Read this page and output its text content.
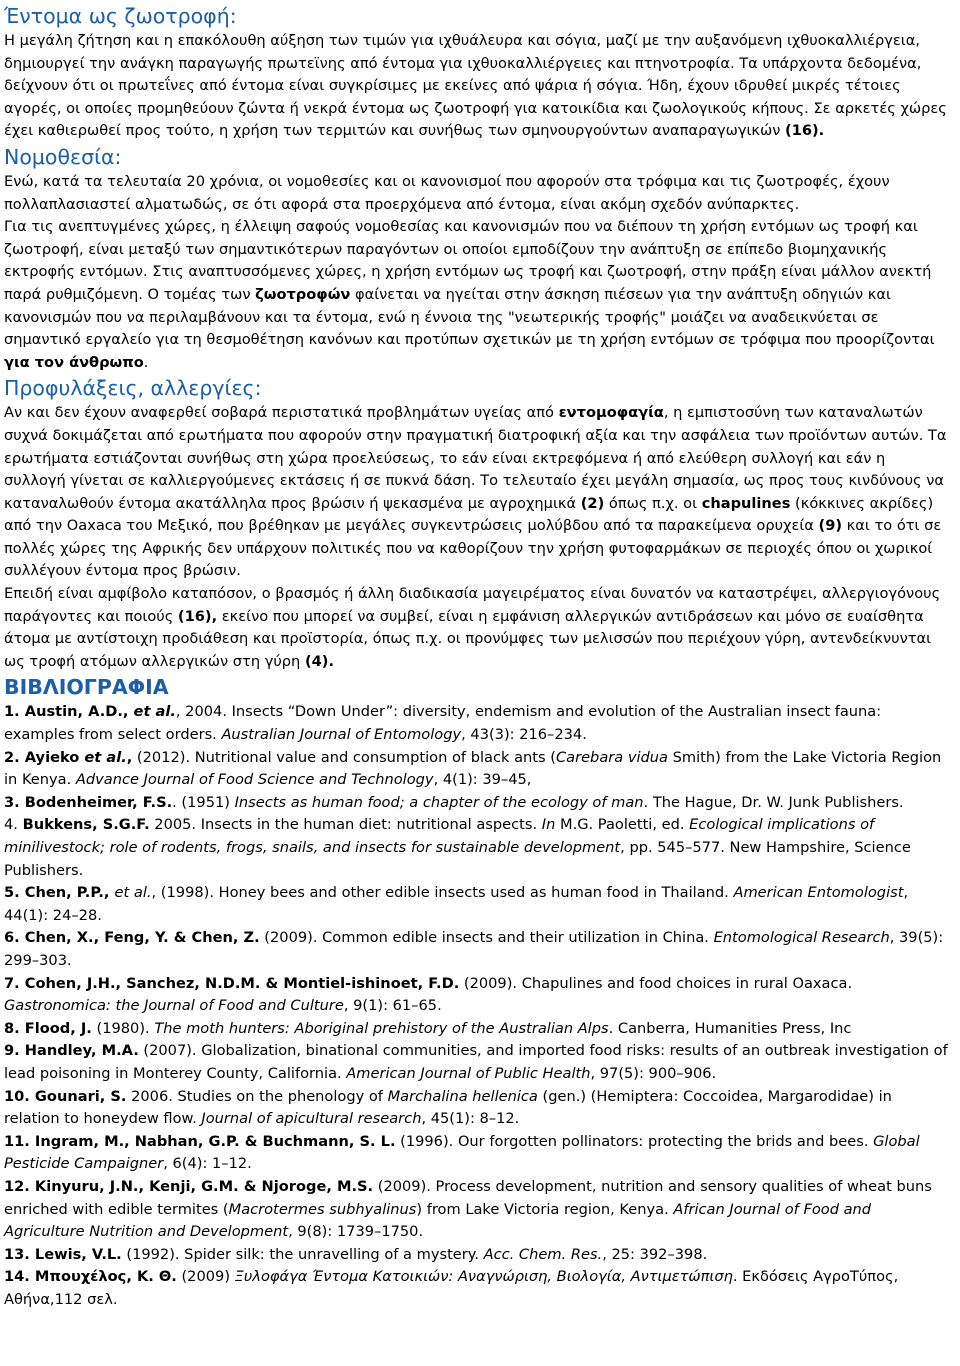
Έντομα ως ζωοτροφή:
Η μεγάλη ζήτηση και η επακόλουθη αύξηση των τιμών για ιχθυάλευρα και σόγια, μαζί με την αυξανόμενη ιχθυοκαλλιέργεια, δημιουργεί την ανάγκη παραγωγής πρωτεϊνης από έντομα για ιχθυοκαλλιέργειες και πτηνοτροφία. Τα υπάρχοντα δεδομένα, δείχνουν ότι οι πρωτεΐνες από έντομα είναι συγκρίσιμες με εκείνες από ψάρια ή σόγια. Ήδη, έχουν ιδρυθεί μικρές τέτοιες αγορές, οι οποίες προμηθεύουν ζώντα ή νεκρά έντομα ως ζωοτροφή για κατοικίδια και ζωολογικούς κήπους. Σε αρκετές χώρες έχει καθιερωθεί προς τούτο, η χρήση των τερμιτών και συνήθως των σμηνουργούντων αναπαραγωγικών (16).
Νομοθεσία:
Ενώ, κατά τα τελευταία 20 χρόνια, οι νομοθεσίες και οι κανονισμοί που αφορούν στα τρόφιμα και τις ζωοτροφές, έχουν πολλαπλασιαστεί αλματωδώς, σε ότι αφορά στα προερχόμενα από έντομα, είναι ακόμη σχεδόν ανύπαρκτες.
Για τις ανεπτυγμένες χώρες, η έλλειψη σαφούς νομοθεσίας και κανονισμών που να διέπουν τη χρήση εντόμων ως τροφή και ζωοτροφή, είναι μεταξύ των σημαντικότερων παραγόντων οι οποίοι εμποδίζουν την ανάπτυξη σε επίπεδο βιομηχανικής εκτροφής εντόμων. Στις αναπτυσσόμενες χώρες, η χρήση εντόμων ως τροφή και ζωοτροφή, στην πράξη είναι μάλλον ανεκτή παρά ρυθμιζόμενη. Ο τομέας των ζωοτροφών φαίνεται να ηγείται στην άσκηση πιέσεων για την ανάπτυξη οδηγιών και κανονισμών που να περιλαμβάνουν και τα έντομα, ενώ η έννοια της "νεωτερικής τροφής" μοιάζει να αναδεικνύεται σε σημαντικό εργαλείο για τη θεσμοθέτηση κανόνων και προτύπων σχετικών με τη χρήση εντόμων σε τρόφιμα που προορίζονται για τον άνθρωπο.
Προφυλάξεις, αλλεργίες:
Αν και δεν έχουν αναφερθεί σοβαρά περιστατικά προβλημάτων υγείας από εντομοφαγία, η εμπιστοσύνη των καταναλωτών συχνά δοκιμάζεται από ερωτήματα που αφορούν στην πραγματική διατροφική αξία και την ασφάλεια των προϊόντων αυτών. Τα ερωτήματα εστιάζονται συνήθως στη χώρα προελεύσεως, το εάν είναι εκτρεφόμενα ή από ελεύθερη συλλογή και εάν η συλλογή γίνεται σε καλλιεργούμενες εκτάσεις ή σε πυκνά δάση. Το τελευταίο έχει μεγάλη σημασία, ως προς τους κινδύνους να καταναλωθούν έντομα ακατάλληλα προς βρώσιν ή ψεκασμένα με αγροχημικά (2) όπως π.χ. οι chapulines (κόκκινες ακρίδες) από την Oaxaca του Μεξικό, που βρέθηκαν με μεγάλες συγκεντρώσεις μολύβδου από τα παρακείμενα ορυχεία (9) και το ότι σε πολλές χώρες της Αφρικής δεν υπάρχουν πολιτικές που να καθορίζουν την χρήση φυτοφαρμάκων σε περιοχές όπου οι χωρικοί συλλέγουν έντομα προς βρώσιν.
Επειδή είναι αμφίβολο καταπόσον, ο βρασμός ή άλλη διαδικασία μαγειρέματος είναι δυνατόν να καταστρέψει, αλλεργιογόνους παράγοντες και ποιούς (16), εκείνο που μπορεί να συμβεί, είναι η εμφάνιση αλλεργικών αντιδράσεων και μόνο σε ευαίσθητα άτομα με αντίστοιχη προδιάθεση και προϊστορία, όπως π.χ. οι προνύμφες των μελισσών που περιέχουν γύρη, αντενδείκνυνται ως τροφή ατόμων αλλεργικών στη γύρη (4).
ΒΙΒΛΙΟΓΡΑΦΙΑ
1. Austin, A.D., et al., 2004. Insects “Down Under”: diversity, endemism and evolution of the Australian insect fauna: examples from select orders. Australian Journal of Entomology, 43(3): 216–234.
2. Ayieko et al., (2012). Nutritional value and consumption of black ants (Carebara vidua Smith) from the Lake Victoria Region in Kenya. Advance Journal of Food Science and Technology, 4(1): 39–45,
3. Bodenheimer, F.S.. (1951) Insects as human food; a chapter of the ecology of man. The Hague, Dr. W. Junk Publishers.
4. Bukkens, S.G.F. 2005. Insects in the human diet: nutritional aspects. In M.G. Paoletti, ed. Ecological implications of minilivestock; role of rodents, frogs, snails, and insects for sustainable development, pp. 545–577. New Hampshire, Science Publishers.
5. Chen, P.P., et al., (1998). Honey bees and other edible insects used as human food in Thailand. American Entomologist, 44(1): 24–28.
6. Chen, X., Feng, Y. & Chen, Z. (2009). Common edible insects and their utilization in China. Entomological Research, 39(5): 299–303.
7. Cohen, J.H., Sanchez, N.D.M. & Montiel-ishinoet, F.D. (2009). Chapulines and food choices in rural Oaxaca. Gastronomica: the Journal of Food and Culture, 9(1): 61–65.
8. Flood, J. (1980). The moth hunters: Aboriginal prehistory of the Australian Alps. Canberra, Humanities Press, Inc
9. Handley, M.A. (2007). Globalization, binational communities, and imported food risks: results of an outbreak investigation of lead poisoning in Monterey County, California. American Journal of Public Health, 97(5): 900–906.
10. Gounari, S. 2006. Studies on the phenology of Marchalina hellenica (gen.) (Hemiptera: Coccoidea, Margarodidae) in relation to honeydew flow. Journal of apicultural research, 45(1): 8–12.
11. Ingram, M., Nabhan, G.P. & Buchmann, S. L. (1996). Our forgotten pollinators: protecting the brids and bees. Global Pesticide Campaigner, 6(4): 1–12.
12. Kinyuru, J.N., Kenji, G.M. & Njoroge, M.S. (2009). Process development, nutrition and sensory qualities of wheat buns enriched with edible termites (Macrotermes subhyalinus) from Lake Victoria region, Kenya. African Journal of Food and Agriculture Nutrition and Development, 9(8): 1739–1750.
13. Lewis, V.L. (1992). Spider silk: the unravelling of a mystery. Acc. Chem. Res., 25: 392–398.
14. Μπουχέλος, Κ. Θ. (2009) Ξυλοφάγα Έντομα Κατοικιών: Αναγνώριση, Βιολογία, Αντιμετώπιση. Εκδόσεις ΑγροΤύπος, Αθήνα,112 σελ.
